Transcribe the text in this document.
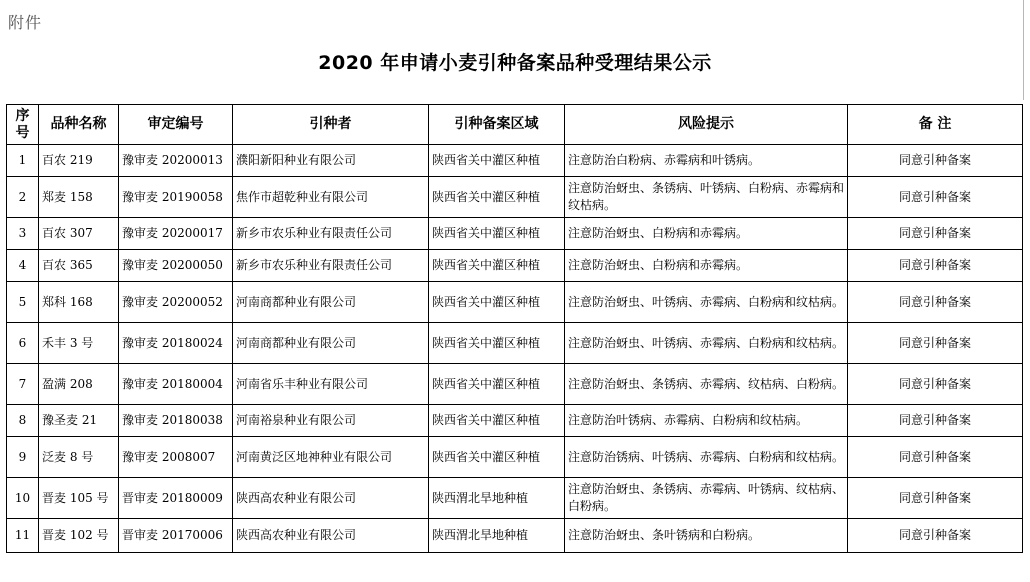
附件
2020 年申请小麦引种备案品种受理结果公示
序号	品种名称	审定编号	引种者	引种备案区域	风险提示	备 注
1	百农 219	豫审麦 20200013	濮阳新阳种业有限公司	陕西省关中灌区种植	注意防治白粉病、赤霉病和叶锈病。	同意引种备案
2	郑麦 158	豫审麦 20190058	焦作市超乾种业有限公司	陕西省关中灌区种植	注意防治蚜虫、条锈病、叶锈病、白粉病、赤霉病和纹枯病。	同意引种备案
3	百农 307	豫审麦 20200017	新乡市农乐种业有限责任公司	陕西省关中灌区种植	注意防治蚜虫、白粉病和赤霉病。	同意引种备案
4	百农 365	豫审麦 20200050	新乡市农乐种业有限责任公司	陕西省关中灌区种植	注意防治蚜虫、白粉病和赤霉病。	同意引种备案
5	郑科 168	豫审麦 20200052	河南商都种业有限公司	陕西省关中灌区种植	注意防治蚜虫、叶锈病、赤霉病、白粉病和纹枯病。	同意引种备案
6	禾丰 3 号	豫审麦 20180024	河南商都种业有限公司	陕西省关中灌区种植	注意防治蚜虫、叶锈病、赤霉病、白粉病和纹枯病。	同意引种备案
7	盈满 208	豫审麦 20180004	河南省乐丰种业有限公司	陕西省关中灌区种植	注意防治蚜虫、条锈病、赤霉病、纹枯病、白粉病。	同意引种备案
8	豫圣麦 21	豫审麦 20180038	河南裕泉种业有限公司	陕西省关中灌区种植	注意防治叶锈病、赤霉病、白粉病和纹枯病。	同意引种备案
9	泛麦 8 号	豫审麦 2008007	河南黄泛区地神种业有限公司	陕西省关中灌区种植	注意防治锈病、叶锈病、赤霉病、白粉病和纹枯病。	同意引种备案
10	晋麦 105 号	晋审麦 20180009	陕西高农种业有限公司	陕西渭北旱地种植	注意防治蚜虫、条锈病、赤霉病、叶锈病、纹枯病、白粉病。	同意引种备案
11	晋麦 102 号	晋审麦 20170006	陕西高农种业有限公司	陕西渭北旱地种植	注意防治蚜虫、条叶锈病和白粉病。	同意引种备案
